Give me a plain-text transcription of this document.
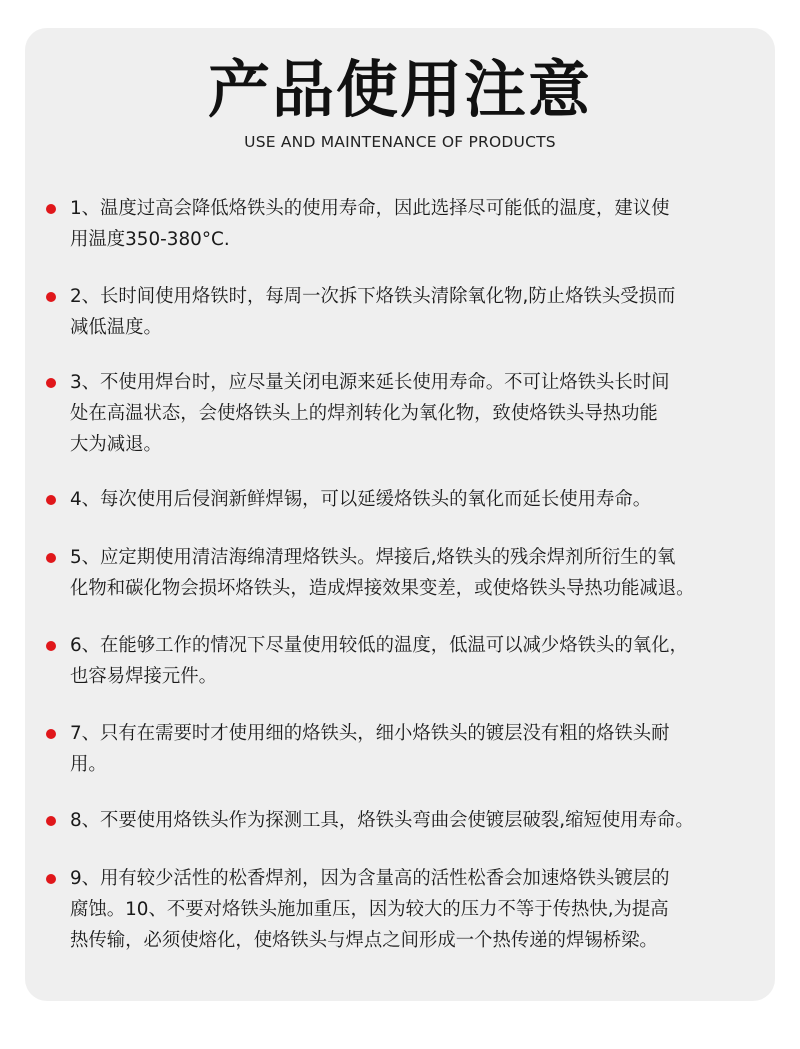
产品使用注意
USE AND MAINTENANCE OF PRODUCTS
1、温度过高会降低烙铁头的使用寿命，因此选择尽可能低的温度，建议使
用温度350-380°C.
2、长时间使用烙铁时，每周一次拆下烙铁头清除氧化物,防止烙铁头受损而
减低温度。
3、不使用焊台时，应尽量关闭电源来延长使用寿命。不可让烙铁头长时间
处在高温状态，会使烙铁头上的焊剂转化为氧化物，致使烙铁头导热功能
大为减退。
4、每次使用后侵润新鲜焊锡，可以延缓烙铁头的氧化而延长使用寿命。
5、应定期使用清洁海绵清理烙铁头。焊接后,烙铁头的残余焊剂所衍生的氧
化物和碳化物会损坏烙铁头，造成焊接效果变差，或使烙铁头导热功能减退。
6、在能够工作的情况下尽量使用较低的温度，低温可以减少烙铁头的氧化，
也容易焊接元件。
7、只有在需要时才使用细的烙铁头，细小烙铁头的镀层没有粗的烙铁头耐
用。
8、不要使用烙铁头作为探测工具，烙铁头弯曲会使镀层破裂,缩短使用寿命。
9、用有较少活性的松香焊剂，因为含量高的活性松香会加速烙铁头镀层的
腐蚀。10、不要对烙铁头施加重压，因为较大的压力不等于传热快,为提高
热传输，必须使熔化，使烙铁头与焊点之间形成一个热传递的焊锡桥梁。
